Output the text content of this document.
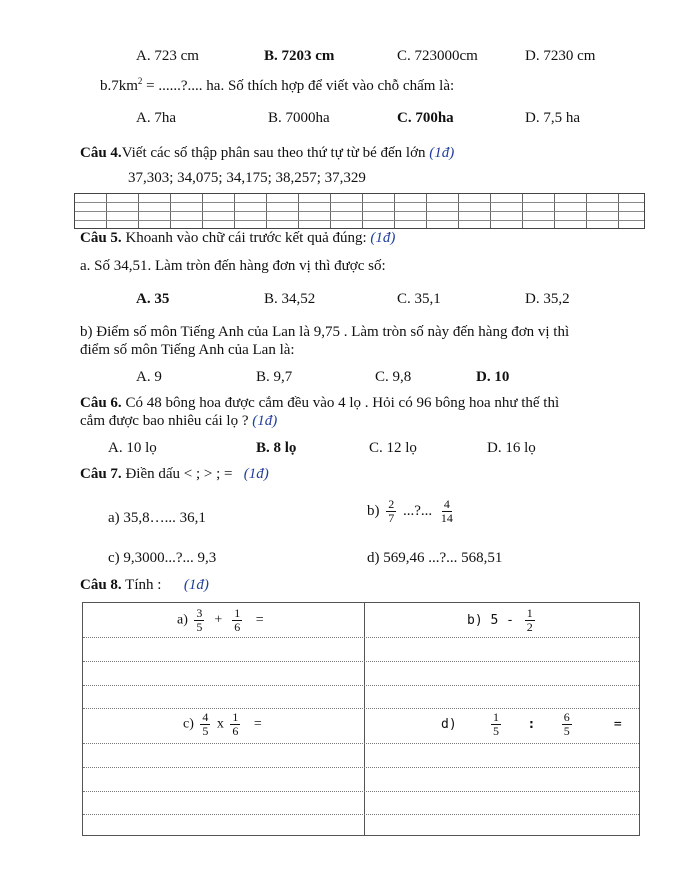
A. 723 cm	B. 7203 cm	C. 723000cm	D. 7230 cm
$b.7km^2$ = ......?.... ha. Số thích hợp để viết vào chỗ chấm là:
A. 7ha	B. 7000ha	C. 700ha	D. 7,5 ha
Câu 4.Viết các số thập phân sau theo thứ tự từ bé đến lớn (1đ)
37,303; 34,075; 34,175; 38,257; 37,329
Câu 5. Khoanh vào chữ cái trước kết quả đúng: (1đ)
a. Số 34,51. Làm tròn đến hàng đơn vị thì được số:
A. 35	B. 34,52	C. 35,1	D. 35,2
b) Điểm số môn Tiếng Anh của Lan là 9,75 . Làm tròn số này đến hàng đơn vị thì
điểm số môn Tiếng Anh của Lan là:
A. 9	B. 9,7	C. 9,8	D. 10
Câu 6. Có 48 bông hoa được cắm đều vào 4 lọ . Hỏi có 96 bông hoa như thế thì
cắm được bao nhiêu cái lọ ? (1đ)
A. 10 lọ	B. 8 lọ	C. 12 lọ	D. 16 lọ
Câu 7. Điền dấu < ; > ; =   (1đ)
a) 35,8…... 36,1	$b) \frac{2}{7}$ ...?... $\frac{4}{14}$
c) 9,3000...?... 9,3	d) 569,46 ...?... 568,51
Câu 8. Tính :      (1đ)
$a) \frac{3}{5} + \frac{1}{6}$ =	b) $5 - \frac{1}{2}$
$c) \frac{4}{5}$ x $\frac{1}{6}$ =	d)	$\frac{1}{5}$ : $\frac{6}{5}$	=
